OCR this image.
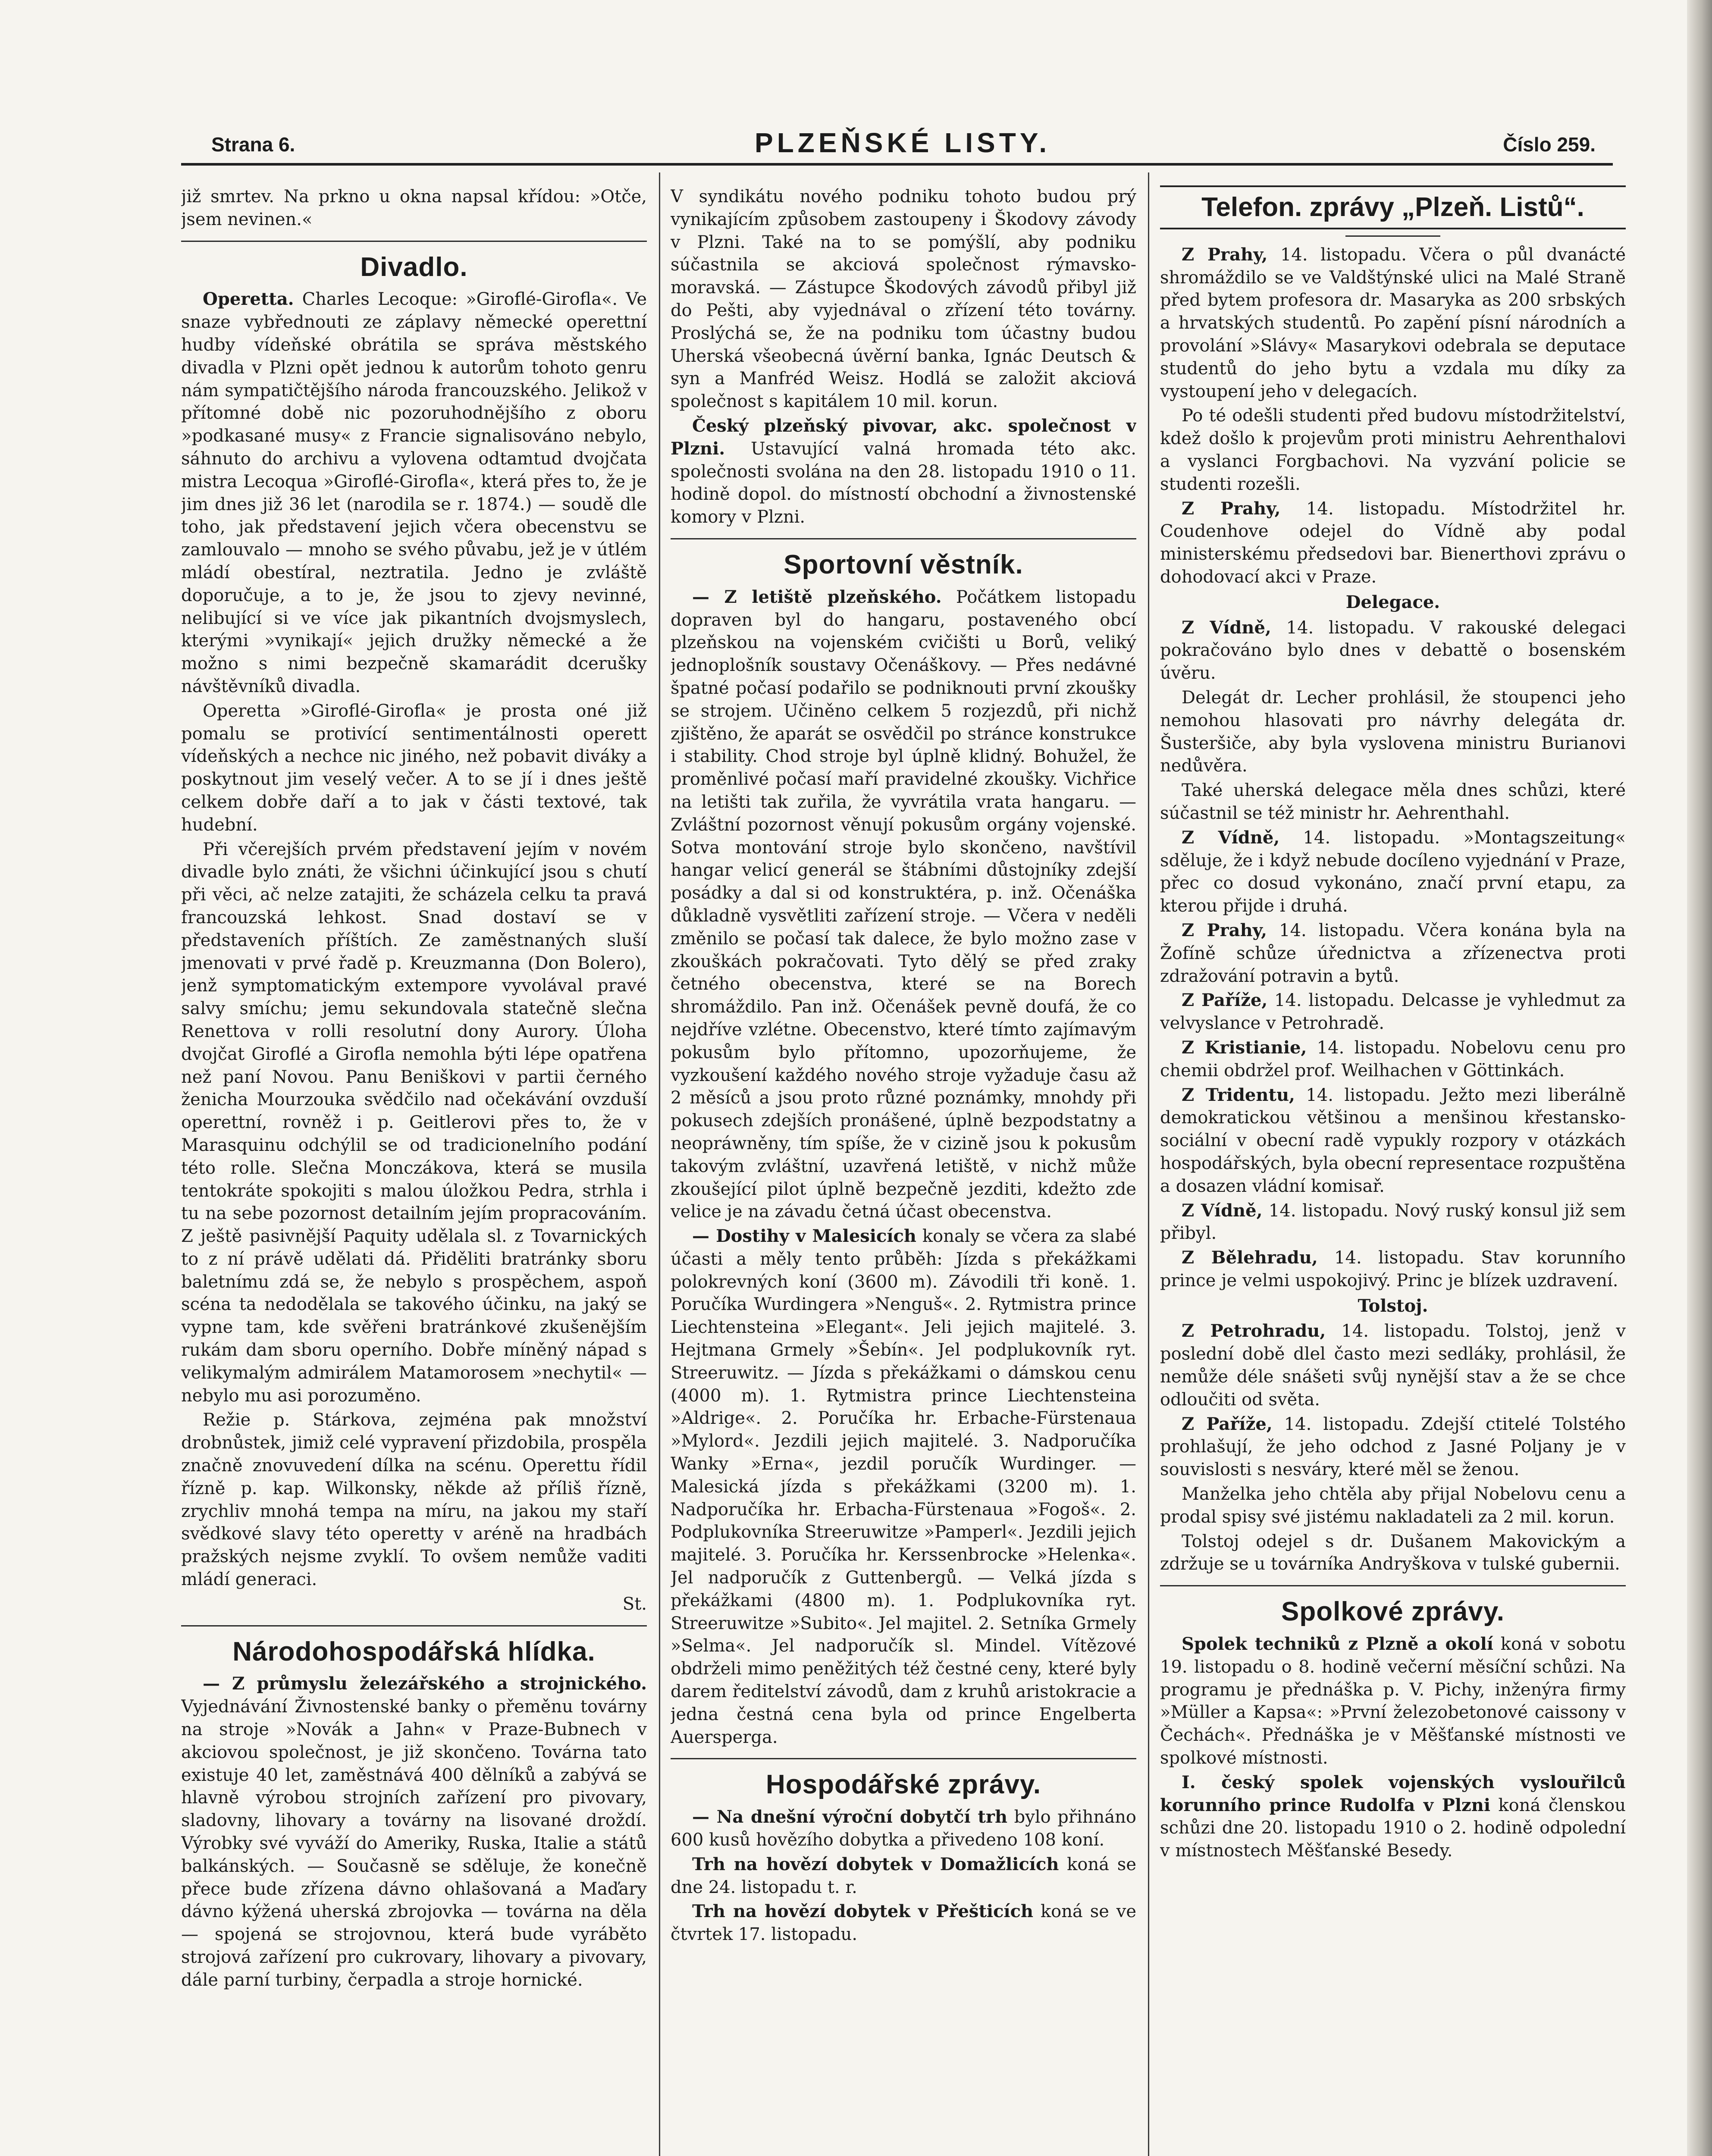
Strana 6.	PLZEŇSKÉ LISTY.	Číslo 259.

již smrtev. Na prkno u okna napsal křídou: »Otče, jsem nevinen.«

Divadlo.

Operetta. Charles Lecoque: »Giroflé-Girofla«. Ve snaze vybřednouti ze záplavy německé operettní hudby vídeňské obrátila se správa městského divadla v Plzni opět jednou k autorům tohoto genru nám sympatičtějšího národa francouzského. Jelikož v přítomné době nic pozoruhodnějšího z oboru »podkasané musy« z Francie signalisováno nebylo, sáhnuto do archivu a vylovena odtamtud dvojčata mistra Lecoqua »Giroflé-Girofla«, která přes to, že je jim dnes již 36 let (narodila se r. 1874.) — soudě dle toho, jak představení jejich včera obecenstvu se zamlouvalo — mnoho se svého půvabu, jež je v útlém mládí obestíral, neztratila. Jedno je zvláště doporučuje, a to je, že jsou to zjevy nevinné, nelibující si ve více jak pikantních dvojsmyslech, kterými »vynikají« jejich družky německé a že možno s nimi bezpečně skamarádit dcerušky návštěvníků divadla.

Operetta »Giroflé-Girofla« je prosta oné již pomalu se protivící sentimentálnosti operett vídeňských a nechce nic jiného, než pobavit diváky a poskytnout jim veselý večer. A to se jí i dnes ještě celkem dobře daří a to jak v části textové, tak hudební.

Při včerejších prvém představení jejím v novém divadle bylo znáti, že všichni účinkující jsou s chutí při věci, ač nelze zatajiti, že scházela celku ta pravá francouzská lehkost. Snad dostaví se v představeních příštích. Ze zaměstnaných sluší jmenovati v prvé řadě p. Kreuzmanna (Don Bolero), jenž symptomatickým extempore vyvolával pravé salvy smíchu; jemu sekundovala statečně slečna Renettova v rolli resolutní dony Aurory. Úloha dvojčat Giroflé a Girofla nemohla býti lépe opatřena než paní Novou. Panu Beniškovi v partii černého ženicha Mourzouka svědčilo nad očekávání ovzduší operettní, rovněž i p. Geitlerovi přes to, že v Marasquinu odchýlil se od tradicionelního podání této rolle. Slečna Monczákova, která se musila tentokráte spokojiti s malou úložkou Pedra, strhla i tu na sebe pozornost detailním jejím propracováním. Z ještě pasivnější Paquity udělala sl. z Tovarnických to z ní právě udělati dá. Přiděliti bratránky sboru baletnímu zdá se, že nebylo s prospěchem, aspoň scéna ta nedodělala se takového účinku, na jaký se vypne tam, kde svěřeni bratránkové zkušenějším rukám dam sboru operního. Dobře míněný nápad s velikymalým admirálem Matamorosem »nechytil« — nebylo mu asi porozuměno.

Režie p. Stárkova, zejména pak množství drobnůstek, jimiž celé vypravení přizdobila, prospěla značně znovuvedení dílka na scénu. Operettu řídil řízně p. kap. Wilkonsky, někde až příliš řízně, zrychliv mnohá tempa na míru, na jakou my staří svědkové slavy této operetty v aréně na hradbách pražských nejsme zvyklí. To ovšem nemůže vaditi mládí generaci.

St.

Národohospodářská hlídka.

— Z průmyslu železářského a strojnického. Vyjednávání Živnostenské banky o přeměnu továrny na stroje »Novák a Jahn« v Praze-Bubnech v akciovou společnost, je již skončeno. Továrna tato existuje 40 let, zaměstnává 400 dělníků a zabývá se hlavně výrobou strojních zařízení pro pivovary, sladovny, lihovary a továrny na lisované droždí. Výrobky své vyváží do Ameriky, Ruska, Italie a států balkánských. — Současně se sděluje, že konečně přece bude zřízena dávno ohlašovaná a Maďary dávno kýžená uherská zbrojovka — továrna na děla — spojená se strojovnou, která bude vyrábětо strojová zařízení pro cukrovary, lihovary a pivovary, dále parní turbiny, čerpadla a stroje hornické.

V syndikátu nového podniku tohoto budou prý vynikajícím způsobem zastoupeny i Škodovy závody v Plzni. Také na to se pomýšlí, aby podniku súčastnila se akciová společnost rýmavsko-moravská. — Zástupce Škodových závodů přibyl již do Pešti, aby vyjednával o zřízení této továrny. Proslýchá se, že na podniku tom účastny budou Uherská všeobecná úvěrní banka, Ignác Deutsch & syn a Manfréd Weisz. Hodlá se založit akciová společnost s kapitálem 10 mil. korun.

Český plzeňský pivovar, akc. společnost v Plzni. Ustavující valná hromada této akc. společnosti svolána na den 28. listopadu 1910 o 11. hodině dopol. do místností obchodní a živnostenské komory v Plzni.

Sportovní věstník.

— Z letiště plzeňského. Počátkem listopadu dopraven byl do hangaru, postaveného obcí plzeňskou na vojenském cvičišti u Borů, veliký jednoplošník soustavy Očenáškovy. — Přes nedávné špatné počasí podařilo se podniknouti první zkoušky se strojem. Učiněno celkem 5 rozjezdů, při nichž zjištěno, že aparát se osvědčil po stránce konstrukce i stability. Chod stroje byl úplně klidný. Bohužel, že proměnlivé počasí maří pravidelné zkoušky. Vichřice na letišti tak zuřila, že vyvrátila vrata hangaru. — Zvláštní pozornost věnují pokusům orgány vojenské. Sotva montování stroje bylo skončeno, navštívil hangar velicí generál se štábními důstojníky zdejší posádky a dal si od konstruktéra, p. inž. Očenáška důkladně vysvětliti zařízení stroje. — Včera v neděli změnilo se počasí tak dalece, že bylo možno zase v zkouškách pokračovati. Tyto dělý se před zraky četného obecenstva, které se na Borech shromáždilo. Pan inž. Očenášek pevně doufá, že co nejdříve vzlétne. Obecenstvo, které tímto zajímavým pokusům bylo přítomno, upozorňujeme, že vyzkoušení každého nového stroje vyžaduje času až 2 měsíců a jsou proto různé poznámky, mnohdy při pokusech zdejších pronášené, úplně bezpodstatny a neopráwněny, tím spíše, že v cizině jsou k pokusům takovým zvláštní, uzavřená letiště, v nichž může zkoušející pilot úplně bezpečně jezditi, kdežto zde velice je na závadu četná účast obecenstva.

— Dostihy v Malesicích konaly se včera za slabé účasti a měly tento průběh: Jízda s překážkami polokrevných koní (3600 m). Závodili tři koně. 1. Poručíka Wurdingera »Nenguš«. 2. Rytmistra prince Liechtensteina »Elegant«. Jeli jejich majitelé. 3. Hejtmana Grmely »Šebín«. Jel podplukovník ryt. Streeruwitz. — Jízda s překážkami o dámskou cenu (4000 m). 1. Rytmistra prince Liechtensteina »Aldrige«. 2. Poručíka hr. Erbache-Fürstenaua »Mylord«. Jezdili jejich majitelé. 3. Nadporučíka Wanky »Erna«, jezdil poručík Wurdinger. — Malesická jízda s překážkami (3200 m). 1. Nadporučíka hr. Erbacha-Fürstenaua »Fogoš«. 2. Podplukovníka Streeruwitze »Pamperl«. Jezdili jejich majitelé. 3. Poručíka hr. Kerssenbrocke »Helenka«. Jel nadporučík z Guttenbergů. — Velká jízda s překážkami (4800 m). 1. Podplukovníka ryt. Streeruwitze »Subito«. Jel majitel. 2. Setníka Grmely »Selma«. Jel nadporučík sl. Mindel. Vítězové obdrželi mimo peněžitých též čestné ceny, které byly darem ředitelství závodů, dam z kruhů aristokracie a jedna čestná cena byla od prince Engelberta Auerspergа.

Hospodářské zprávy.

— Na dnešní výroční dobytčí trh bylo přihnáno 600 kusů hovězího dobytka a přivedeno 108 koní.

Trh na hovězí dobytek v Domažlicích koná se dne 24. listopadu t. r.

Trh na hovězí dobytek v Přešticích koná se ve čtvrtek 17. listopadu.

Telefon. zprávy „Plzeň. Listů“.

Z Prahy, 14. listopadu. Včera o půl dvanácté shromáždilo se ve Valdštýnské ulici na Malé Straně před bytem profesora dr. Masaryka as 200 srbských a hrvatských studentů. Po zapění písní národních a provolání »Slávy« Masarykovi odebrala se deputace studentů do jeho bytu a vzdala mu díky za vystoupení jeho v delegacích.

Po té odešli studenti před budovu místodržitelství, kdež došlo k projevům proti ministru Aehrenthalovi a vyslanci Forgbachovi. Na vyzvání policie se studenti rozešli.

Z Prahy, 14. listopadu. Místodržitel hr. Coudenhove odejel do Vídně aby podal ministerskému předsedovi bar. Bienerthovi zprávu o dohodovací akci v Praze.

Delegace.

Z Vídně, 14. listopadu. V rakouské delegaci pokračováno bylo dnes v debattě o bosenském úvěru.

Delegát dr. Lecher prohlásil, že stoupenci jeho nemohou hlasovati pro návrhy delegáta dr. Šusteršiče, aby byla vyslovena ministru Burianovi nedůvěra.

Také uherská delegace měla dnes schůzi, které súčastnil se též ministr hr. Aehrenthahl.

Z Vídně, 14. listopadu. »Montagszeitung« sděluje, že i když nebude docíleno vyjednání v Praze, přec co dosud vykonáno, značí první etapu, za kterou přijde i druhá.

Z Prahy, 14. listopadu. Včera konána byla na Žofíně schůze úřednictva a zřízenectva proti zdražování potravin a bytů.

Z Paříže, 14. listopadu. Delcasse je vyhledmut za velvyslance v Petrohradě.

Z Kristianie, 14. listopadu. Nobelovu cenu pro chemii obdržel prof. Weilhachen v Göttinkách.

Z Tridentu, 14. listopadu. Ježto mezi liberálně demokratickou většinou a menšinou křestansko-sociální v obecní radě vypukly rozpory v otázkách hospodářských, byla obecní representace rozpuštěna a dosazen vládní komisař.

Z Vídně, 14. listopadu. Nový ruský konsul již sem přibyl.

Z Bělehradu, 14. listopadu. Stav korunního prince je velmi uspokojivý. Princ je blízek uzdravení.

Tolstoj.

Z Petrohradu, 14. listopadu. Tolstoj, jenž v poslední době dlel často mezi sedláky, prohlásil, že nemůže déle snášeti svůj nynější stav a že se chce odloučiti od světa.

Z Paříže, 14. listopadu. Zdejší ctitelé Tolstého prohlašují, že jeho odchod z Jasné Poljany je v souvislosti s nesváry, které měl se ženou.

Manželka jeho chtěla aby přijal Nobelovu cenu a prodal spisy své jistému nakladateli za 2 mil. korun.

Tolstoj odejel s dr. Dušanem Makovickým a zdržuje se u továrníka Andryškova v tulské gubernii.

Spolkové zprávy.

Spolek techniků z Plzně a okolí koná v sobotu 19. listopadu o 8. hodině večerní měsíční schůzi. Na programu je přednáška p. V. Pichy, inženýra firmy »Müller a Kapsa«: »První železobetonové caissony v Čechách«. Přednáška je v Měšťanské místnosti ve spolkové místnosti.

I. český spolek vojenských vyslouřilců korunního prince Rudolfa v Plzni koná členskou schůzi dne 20. listopadu 1910 o 2. hodině odpolední v místnostech Měšťanské Besedy.
